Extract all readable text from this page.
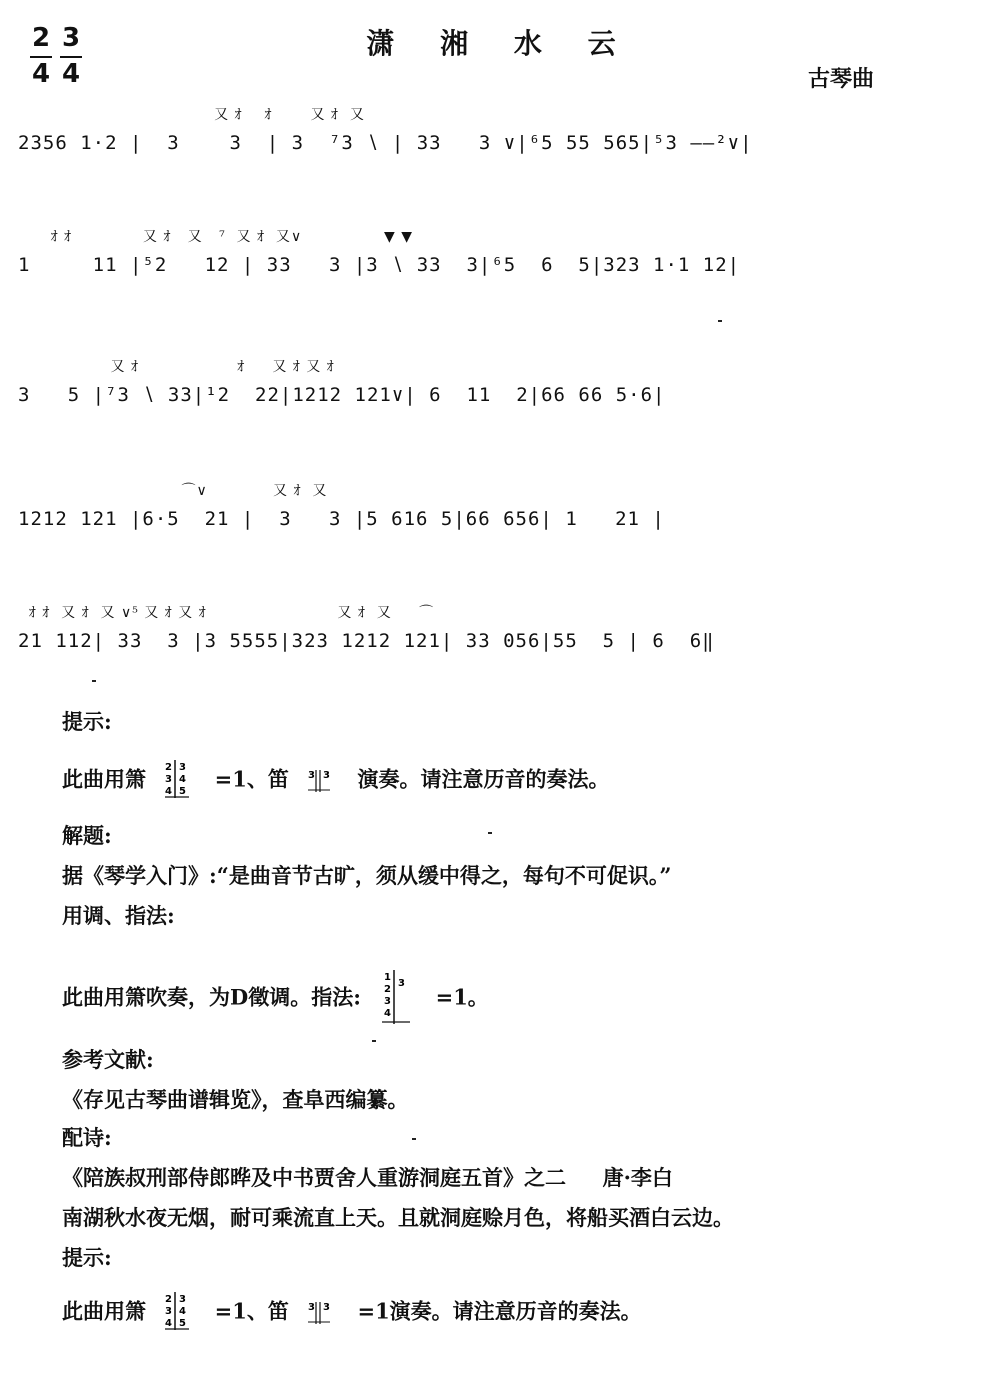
2
4
3
4
潇 湘 水 云
古琴曲
又 ｵ    ｵ       又 ｵ  又
2356 1·2 |  3    3  | 3  ⁷3 ∖ | 33   3 ∨|⁶5 55 565|⁵3 ——²∨|
ｵ ｵ             又 ｵ   又   ⁷  又 ｵ  又∨               ▼ ▼
1     11 |⁵2   12 | 33   3 |3 ∖ 33  3|⁶5  6  5|323 1·1 12|
又 ｵ                  ｵ     又 ｵ 又 ｵ
3   5 |⁷3 ∖ 33|¹2  22|1212 121∨| 6  11  2|66 66 5·6|
⌒∨            又 ｵ  又
1212 121 |6·5  21 |  3   3 |5 616 5|66 656| 1   21 |
ｵ ｵ  又 ｵ  又 ∨⁵ 又 ｵ 又 ｵ                        又 ｵ  又     ⌒
21 112| 33  3 |3 5555|323 1212 121| 33 056|55  5 | 6  6‖
提示:
此曲用箫 2
3
4
3
4
5 =1、笛 3 3 演奏。请注意历音的奏法。
解题:
据《琴学入门》:“是曲音节古旷，须从缓中得之，每句不可促识。”
用调、指法:
此曲用箫吹奏，为D徵调。指法:
1
2
3
4
3
=1。
参考文献:
《存见古琴曲谱辑览》，查阜西编纂。
配诗:
《陪族叔刑部侍郎晔及中书贾舍人重游洞庭五首》之二 唐·李白
南湖秋水夜无烟，耐可乘流直上天。且就洞庭赊月色，将船买酒白云边。
提示:
此曲用箫 2
3
4
3
4
5 =1、笛 3 3 =1演奏。请注意历音的奏法。
